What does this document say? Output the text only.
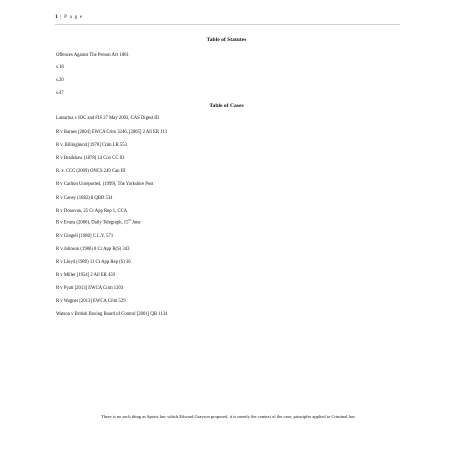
1 | P a g e
Table of Statutes

Offences Against The Person Act 1861

s.18

s.20

s.47

Table of Cases

Latsarina v IOC and FIS 27 May 2003, CAS Digest III

R v Barnes [2004] EWCA Crim 3246, [2005] 2 All ER 113

R v. Billinghurst [1978] Crim LR 553

R v Bradshaw (1878) 14 Cox CC 83

R. v. CCC (2009) ONCS 249 Can III

R v Carlton Unreported, (1999), The Yorkshire Post

R v Coney (1882) 8 QBD 534

R v Donovan, 25 Cr App Rep 1, CCA

R v Evans (2006), Daily Telegraph, 15th June

R v Gingell [1980] C L.Y. 571

R v Johnson (1986) 8 Cr App R(S) 343

R v Lloyd (1989) 11 Cr App Rep (S) 36

R v Miller [1954] 2 All ER 459

R v Pyatt [2013] EWCA Crim 1203

R v Wagner [2013] EWCA Crim 529

Watson v British Boxing Board of Control [2001] QB 1134

There is no such thing as Sports law which Edward Grayson proposed, it is merely the context of the case, principles applied to Criminal law
